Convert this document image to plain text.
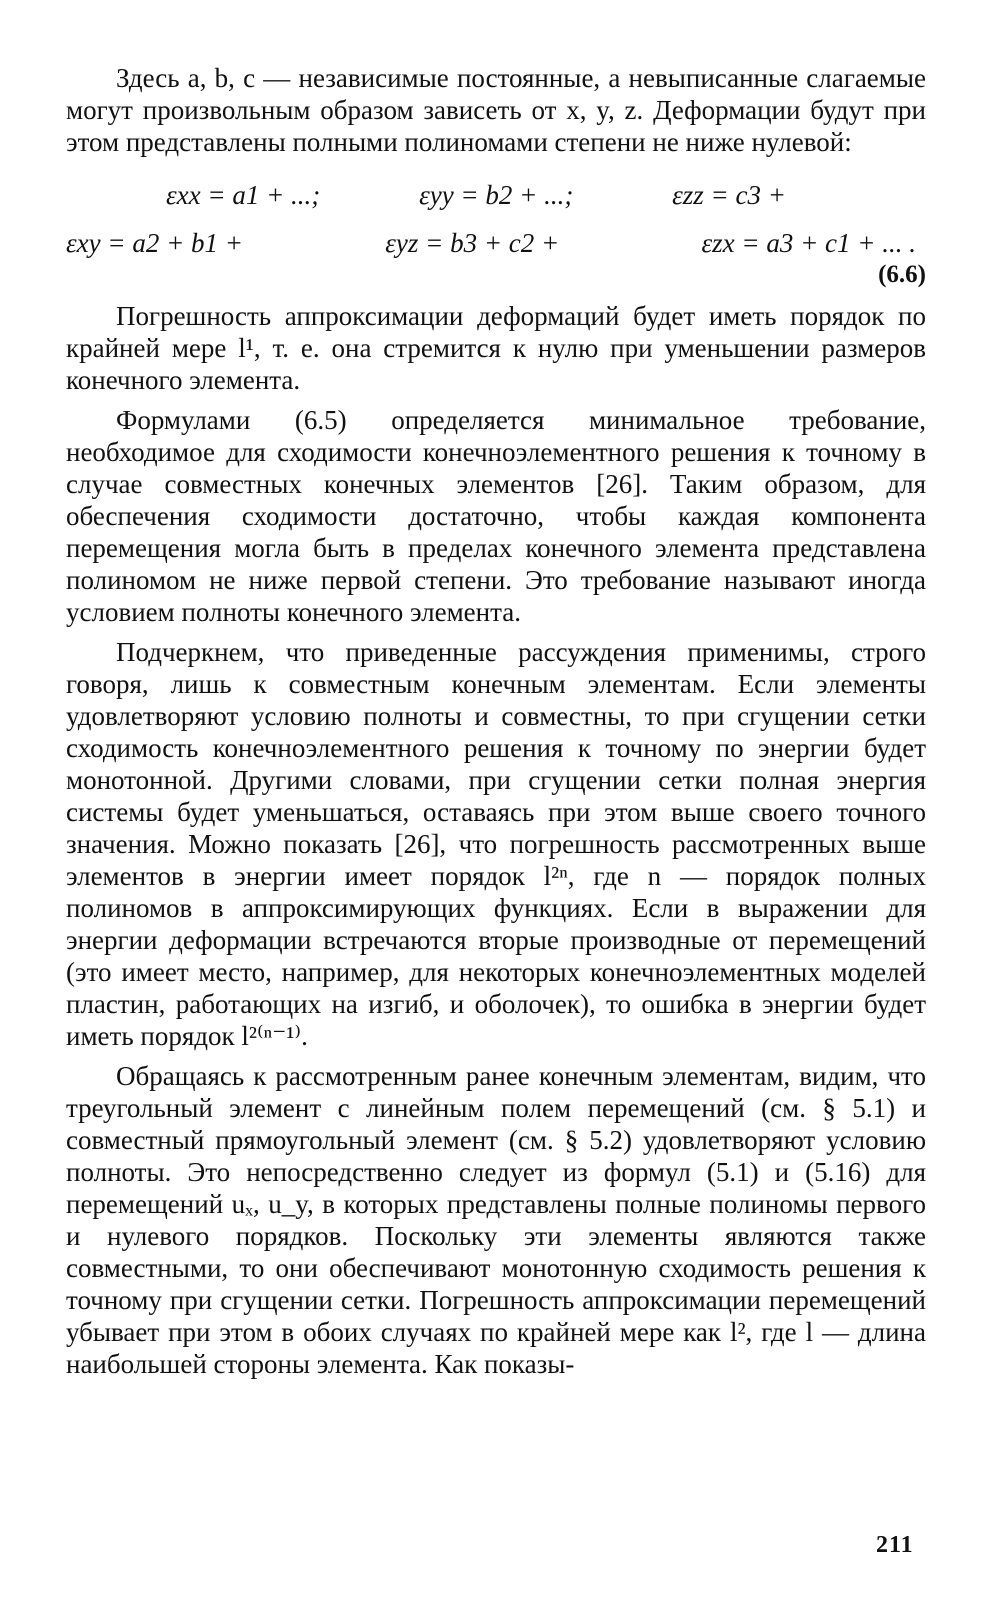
Здесь a, b, c — независимые постоянные, а невыписанные слагаемые могут произвольным образом зависеть от x, y, z. Деформации будут при этом представлены полными полиномами степени не ниже нулевой:

εxx = a1 + ...;	εyy = b2 + ...;	εzz = c3 +
εxy = a2 + b1 +	εyz = b3 + c2 +	εzx = a3 + c1 + ... .
(6.6)

Погрешность аппроксимации деформаций будет иметь порядок по крайней мере l¹, т. е. она стремится к нулю при уменьшении размеров конечного элемента.

Формулами (6.5) определяется минимальное требование, необходимое для сходимости конечноэлементного решения к точному в случае совместных конечных элементов [26]. Таким образом, для обеспечения сходимости достаточно, чтобы каждая компонента перемещения могла быть в пределах конечного элемента представлена полиномом не ниже первой степени. Это требование называют иногда условием полноты конечного элемента.

Подчеркнем, что приведенные рассуждения применимы, строго говоря, лишь к совместным конечным элементам. Если элементы удовлетворяют условию полноты и совместны, то при сгущении сетки сходимость конечноэлементного решения к точному по энергии будет монотонной. Другими словами, при сгущении сетки полная энергия системы будет уменьшаться, оставаясь при этом выше своего точного значения. Можно показать [26], что погрешность рассмотренных выше элементов в энергии имеет порядок l²ⁿ, где n — порядок полных полиномов в аппроксимирующих функциях. Если в выражении для энергии деформации встречаются вторые производные от перемещений (это имеет место, например, для некоторых конечноэлементных моделей пластин, работающих на изгиб, и оболочек), то ошибка в энергии будет иметь порядок l²⁽ⁿ⁻¹⁾.

Обращаясь к рассмотренным ранее конечным элементам, видим, что треугольный элемент с линейным полем перемещений (см. § 5.1) и совместный прямоугольный элемент (см. § 5.2) удовлетворяют условию полноты. Это непосредственно следует из формул (5.1) и (5.16) для перемещений uₓ, u_y, в которых представлены полные полиномы первого и нулевого порядков. Поскольку эти элементы являются также совместными, то они обеспечивают монотонную сходимость решения к точному при сгущении сетки. Погрешность аппроксимации перемещений убывает при этом в обоих случаях по крайней мере как l², где l — длина наибольшей стороны элемента. Как показы-

211
